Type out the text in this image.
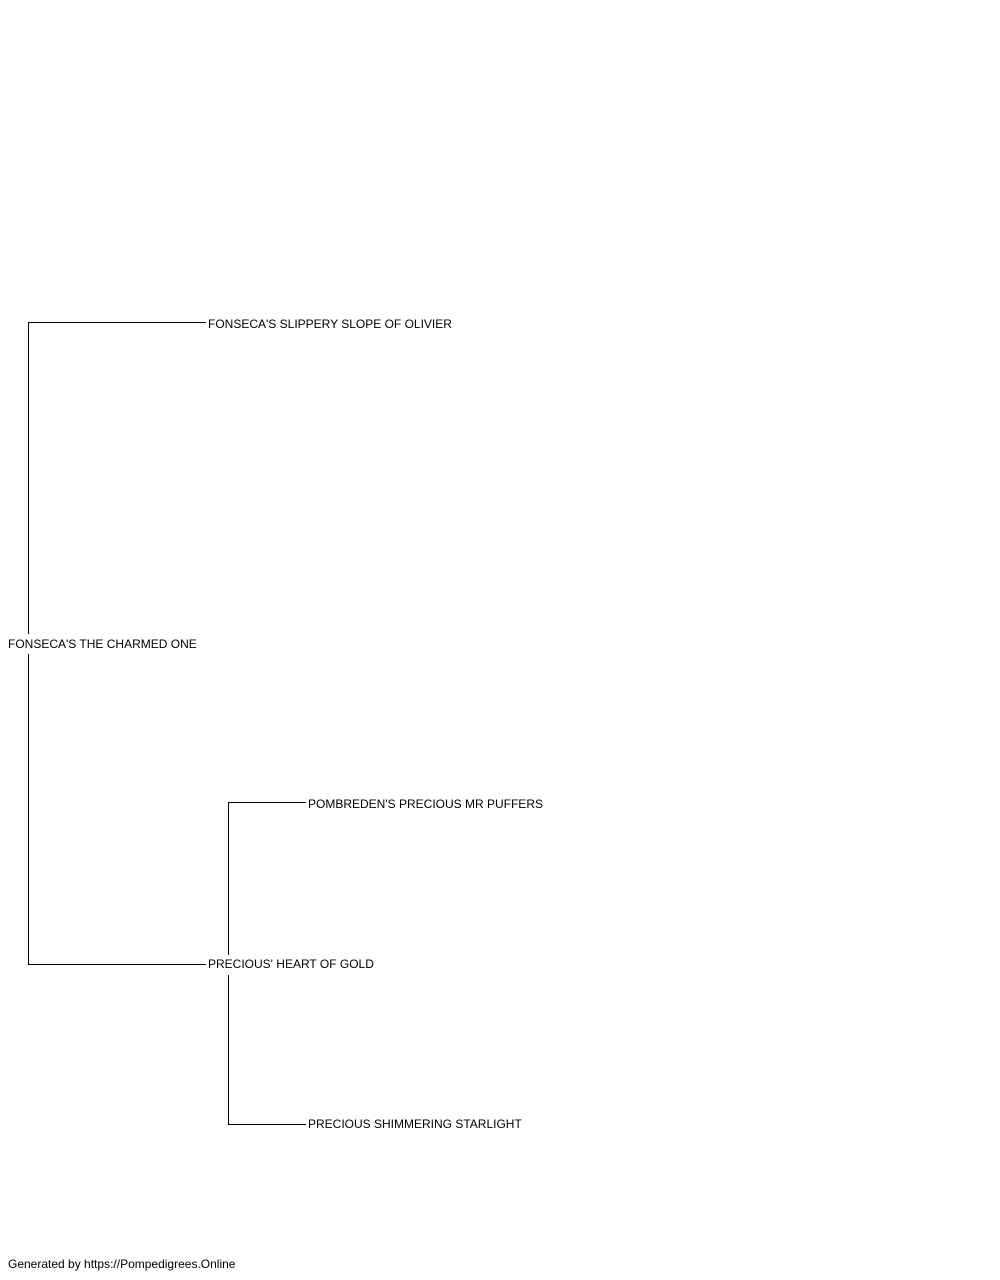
FONSECA'S SLIPPERY SLOPE OF OLIVIER
FONSECA'S THE CHARMED ONE
POMBREDEN'S PRECIOUS MR PUFFERS
PRECIOUS' HEART OF GOLD
PRECIOUS SHIMMERING STARLIGHT
Generated by https://Pompedigrees.Online
